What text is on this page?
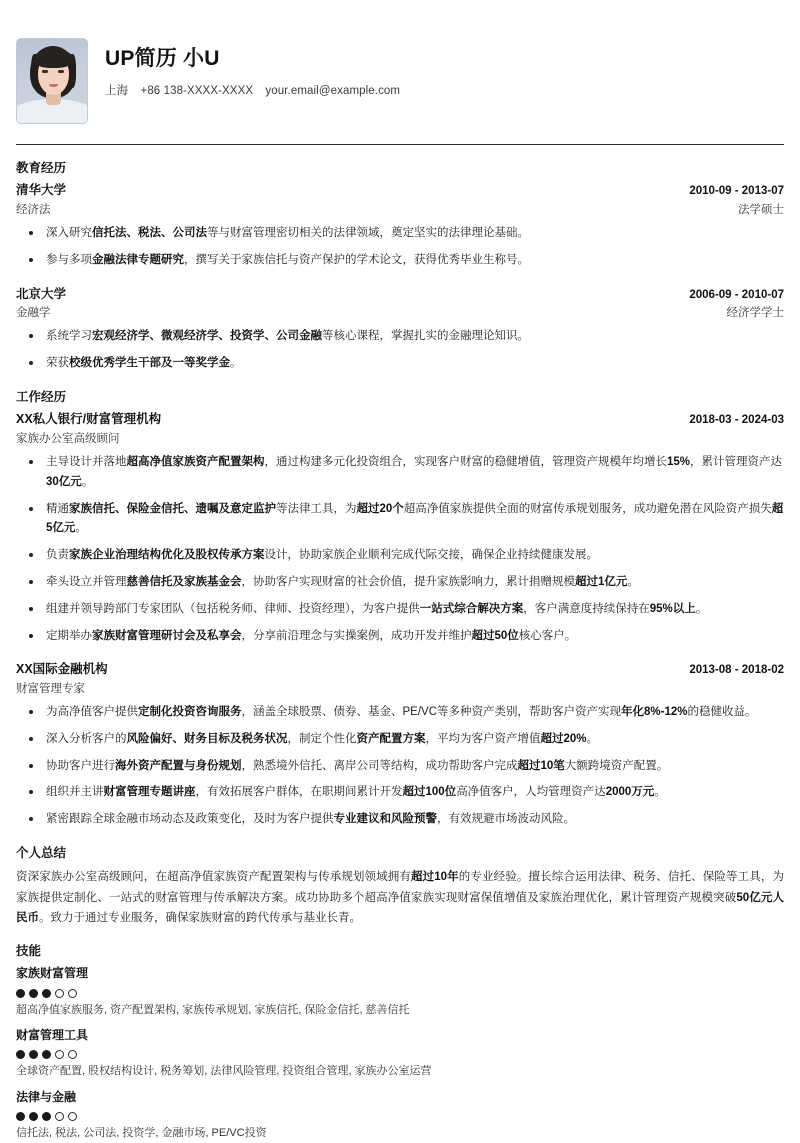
UP简历 小U
上海 +86 138-XXXX-XXXX your.email@example.com
教育经历
清华大学	2010-09 - 2013-07
经济法	法学硕士
深入研究信托法、税法、公司法等与财富管理密切相关的法律领域，奠定坚实的法律理论基础。
参与多项金融法律专题研究，撰写关于家族信托与资产保护的学术论文，获得优秀毕业生称号。
北京大学	2006-09 - 2010-07
金融学	经济学学士
系统学习宏观经济学、微观经济学、投资学、公司金融等核心课程，掌握扎实的金融理论知识。
荣获校级优秀学生干部及一等奖学金。
工作经历
XX私人银行/财富管理机构	2018-03 - 2024-03
家族办公室高级顾问
主导设计并落地超高净值家族资产配置架构，通过构建多元化投资组合，实现客户财富的稳健增值，管理资产规模年均增长15%，累计管理资产达30亿元。
精通家族信托、保险金信托、遗嘱及意定监护等法律工具，为超过20个超高净值家族提供全面的财富传承规划服务，成功避免潜在风险资产损失超5亿元。
负责家族企业治理结构优化及股权传承方案设计，协助家族企业顺利完成代际交接，确保企业持续健康发展。
牵头设立并管理慈善信托及家族基金会，协助客户实现财富的社会价值，提升家族影响力，累计捐赠规模超过1亿元。
组建并领导跨部门专家团队（包括税务师、律师、投资经理），为客户提供一站式综合解决方案，客户满意度持续保持在95%以上。
定期举办家族财富管理研讨会及私享会，分享前沿理念与实操案例，成功开发并维护超过50位核心客户。
XX国际金融机构	2013-08 - 2018-02
财富管理专家
为高净值客户提供定制化投资咨询服务，涵盖全球股票、债券、基金、PE/VC等多种资产类别，帮助客户资产实现年化8%-12%的稳健收益。
深入分析客户的风险偏好、财务目标及税务状况，制定个性化资产配置方案，平均为客户资产增值超过20%。
协助客户进行海外资产配置与身份规划，熟悉境外信托、离岸公司等结构，成功帮助客户完成超过10笔大额跨境资产配置。
组织并主讲财富管理专题讲座，有效拓展客户群体，在职期间累计开发超过100位高净值客户，人均管理资产达2000万元。
紧密跟踪全球金融市场动态及政策变化，及时为客户提供专业建议和风险预警，有效规避市场波动风险。
个人总结
资深家族办公室高级顾问，在超高净值家族资产配置架构与传承规划领域拥有超过10年的专业经验。擅长综合运用法律、税务、信托、保险等工具，为家族提供定制化、一站式的财富管理与传承解决方案。成功协助多个超高净值家族实现财富保值增值及家族治理优化，累计管理资产规模突破50亿元人民币。致力于通过专业服务，确保家族财富的跨代传承与基业长青。
技能
家族财富管理
超高净值家族服务, 资产配置架构, 家族传承规划, 家族信托, 保险金信托, 慈善信托
财富管理工具
全球资产配置, 股权结构设计, 税务筹划, 法律风险管理, 投资组合管理, 家族办公室运营
法律与金融
信托法, 税法, 公司法, 投资学, 金融市场, PE/VC投资
